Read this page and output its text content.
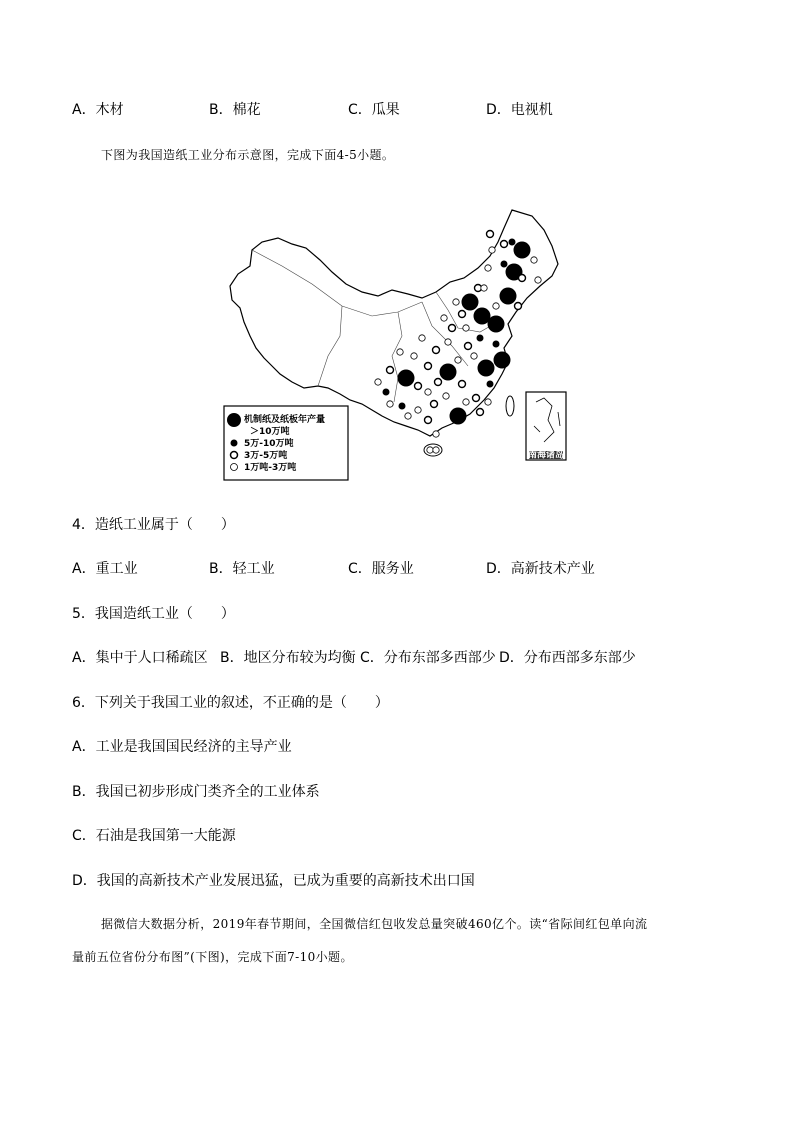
A．木材	B．棉花	C．瓜果	D．电视机
下图为我国造纸工业分布示意图，完成下面4-5小题。
南海诸岛
机制纸及纸板年产量
＞10万吨
5万-10万吨
3万-5万吨
1万吨-3万吨
4．造纸工业属于（　　）
A．重工业	B．轻工业	C．服务业	D．高新技术产业
5．我国造纸工业（　　）
A．集中于人口稀疏区 B．地区分布较为均衡 C．分布东部多西部少 D．分布西部多东部少
6．下列关于我国工业的叙述，不正确的是（　　）
A．工业是我国国民经济的主导产业
B．我国已初步形成门类齐全的工业体系
C．石油是我国第一大能源
D．我国的高新技术产业发展迅猛，已成为重要的高新技术出口国
据微信大数据分析，2019年春节期间，全国微信红包收发总量突破460亿个。读“省际间红包单向流
量前五位省份分布图”(下图)，完成下面7-10小题。
